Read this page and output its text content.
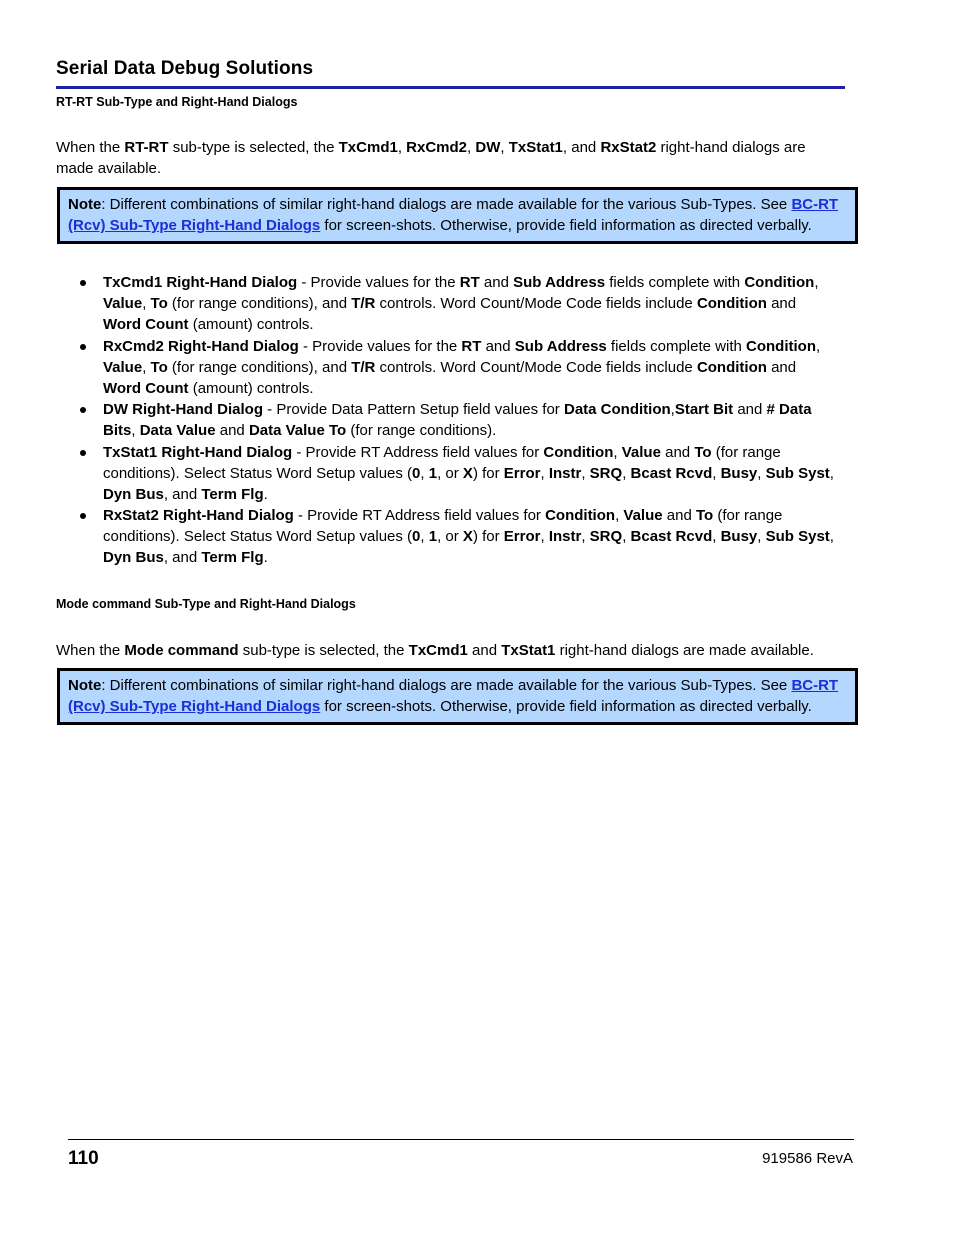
Serial Data Debug Solutions
RT-RT Sub-Type and Right-Hand Dialogs
When the RT-RT sub-type is selected, the TxCmd1, RxCmd2, DW, TxStat1, and RxStat2 right-hand dialogs are made available.
Note: Different combinations of similar right-hand dialogs are made available for the various Sub-Types. See BC-RT (Rcv) Sub-Type Right-Hand Dialogs for screen-shots. Otherwise, provide field information as directed verbally.
TxCmd1 Right-Hand Dialog - Provide values for the RT and Sub Address fields complete with Condition, Value, To (for range conditions), and T/R controls. Word Count/Mode Code fields include Condition and Word Count (amount) controls.
RxCmd2 Right-Hand Dialog - Provide values for the RT and Sub Address fields complete with Condition, Value, To (for range conditions), and T/R controls. Word Count/Mode Code fields include Condition and Word Count (amount) controls.
DW Right-Hand Dialog - Provide Data Pattern Setup field values for Data Condition,Start Bit and # Data Bits, Data Value and Data Value To (for range conditions).
TxStat1 Right-Hand Dialog - Provide RT Address field values for Condition, Value and To (for range conditions). Select Status Word Setup values (0, 1, or X) for Error, Instr, SRQ, Bcast Rcvd, Busy, Sub Syst, Dyn Bus, and Term Flg.
RxStat2 Right-Hand Dialog - Provide RT Address field values for Condition, Value and To (for range conditions). Select Status Word Setup values (0, 1, or X) for Error, Instr, SRQ, Bcast Rcvd, Busy, Sub Syst, Dyn Bus, and Term Flg.
Mode command Sub-Type and Right-Hand Dialogs
When the Mode command sub-type is selected, the TxCmd1 and TxStat1 right-hand dialogs are made available.
Note: Different combinations of similar right-hand dialogs are made available for the various Sub-Types. See BC-RT (Rcv) Sub-Type Right-Hand Dialogs for screen-shots. Otherwise, provide field information as directed verbally.
110	919586 RevA
